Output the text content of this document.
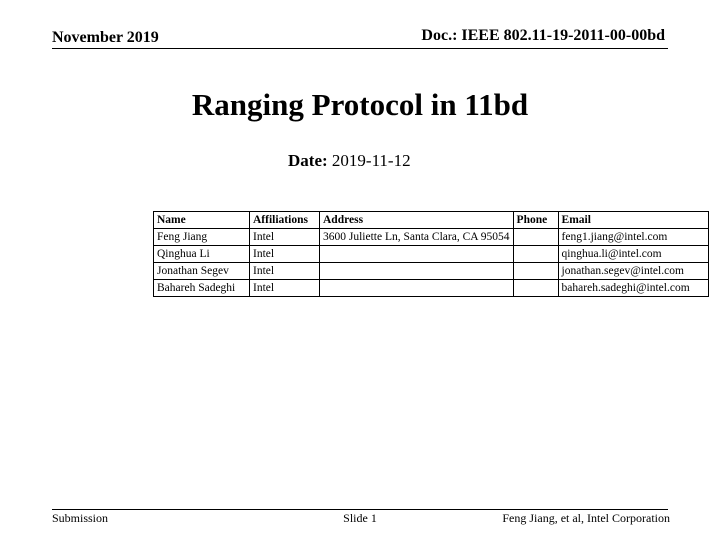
November 2019	Doc.: IEEE 802.11-19-2011-00-00bd
Ranging Protocol in 11bd
Date: 2019-11-12
Name	Affiliations	Address	Phone	Email
Feng Jiang	Intel	3600 Juliette Ln, Santa Clara, CA 95054		feng1.jiang@intel.com
Qinghua Li	Intel			qinghua.li@intel.com
Jonathan Segev	Intel			jonathan.segev@intel.com
Bahareh Sadeghi	Intel			bahareh.sadeghi@intel.com
Submission	Slide 1	Feng Jiang, et al, Intel Corporation
